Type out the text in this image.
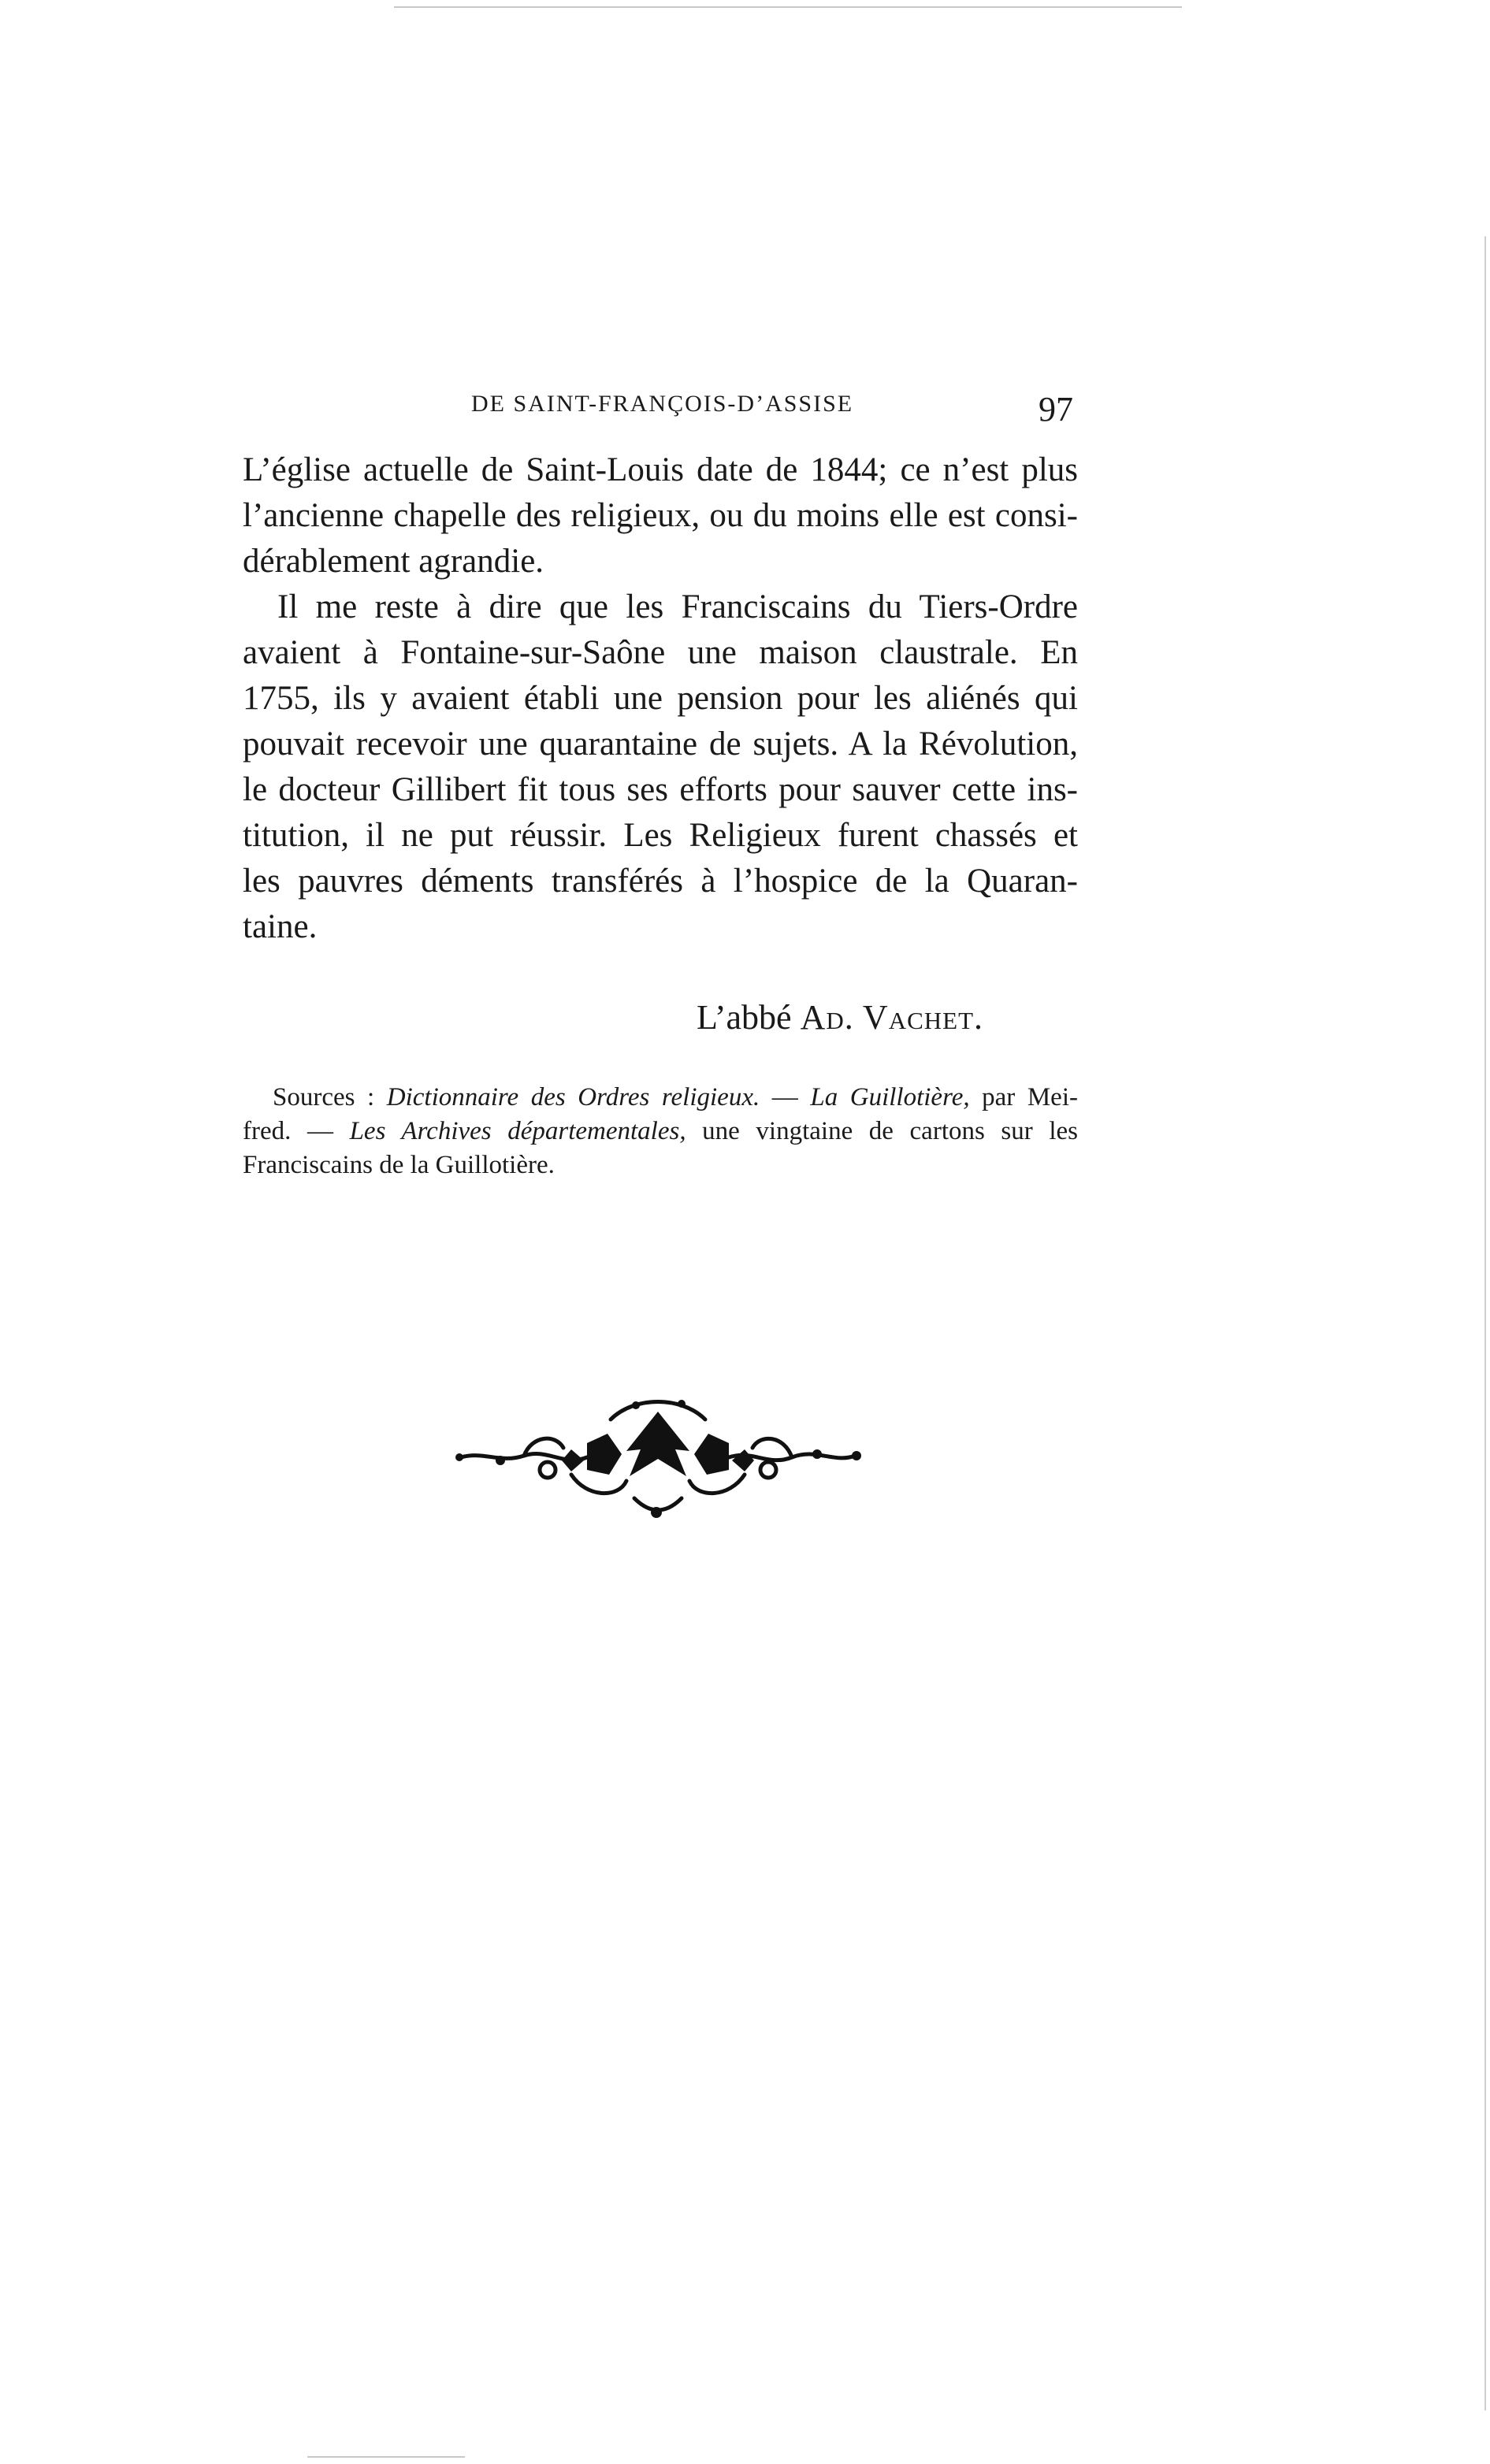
DE SAINT-FRANÇOIS-D’ASSISE	97
L’église actuelle de Saint-Louis date de 1844; ce n’est plus
l’ancienne chapelle des religieux, ou du moins elle est consi-
dérablement agrandie.
Il me reste à dire que les Franciscains du Tiers-Ordre
avaient à Fontaine-sur-Saône une maison claustrale. En
1755, ils y avaient établi une pension pour les aliénés qui
pouvait recevoir une quarantaine de sujets. A la Révolution,
le docteur Gillibert fit tous ses efforts pour sauver cette ins-
titution, il ne put réussir. Les Religieux furent chassés et
les pauvres déments transférés à l’hospice de la Quaran-
taine.
L’abbé Ad. Vachet.
Sources : Dictionnaire des Ordres religieux. — La Guillotière, par Mei-
fred. — Les Archives départementales, une vingtaine de cartons sur les
Franciscains de la Guillotière.
